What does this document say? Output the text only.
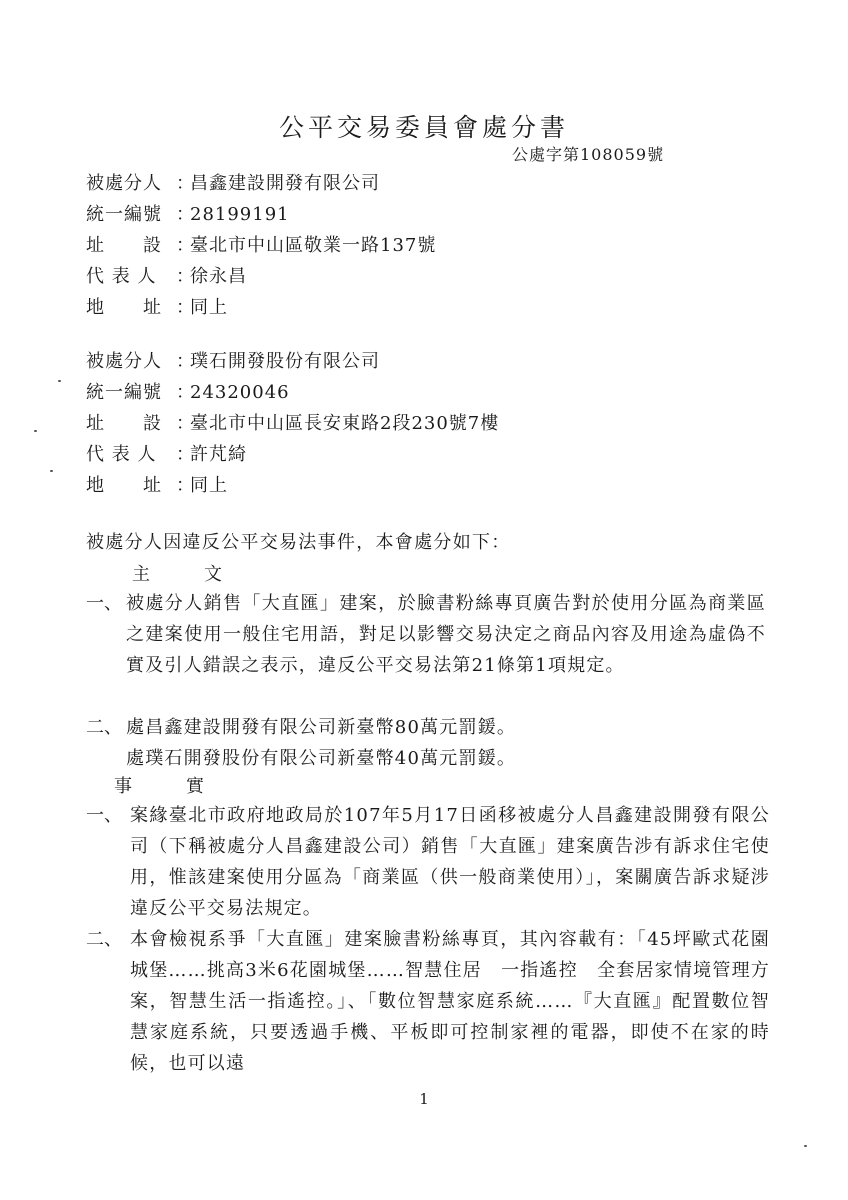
公平交易委員會處分書
公處字第108059號
被處分人 ：
昌鑫建設開發有限公司
統一編號 ：
28199191
址　　設 ：
臺北市中山區敬業一路137號
代 表 人	：
徐永昌
地　　址 ：
同上
被處分人 ：
璞石開發股份有限公司
統一編號 ：
24320046
址　　設 ：
臺北市中山區長安東路2段230號7樓
代 表 人	：
許芃綺
地　　址 ：
同上
被處分人因違反公平交易法事件，本會處分如下：
主　　文
一、 被處分人銷售「大直匯」建案，於臉書粉絲專頁廣告對於使用分區為商業區之建案使用一般住宅用語，對足以影響交易決定之商品內容及用途為虛偽不實及引人錯誤之表示，違反公平交易法第21條第1項規定。
二、 處昌鑫建設開發有限公司新臺幣80萬元罰鍰。
處璞石開發股份有限公司新臺幣40萬元罰鍰。
事　　實
一、 案緣臺北市政府地政局於107年5月17日函移被處分人昌鑫建設開發有限公司（下稱被處分人昌鑫建設公司）銷售「大直匯」建案廣告涉有訴求住宅使用，惟該建案使用分區為「商業區（供一般商業使用）」，案關廣告訴求疑涉違反公平交易法規定。
二、 本會檢視系爭「大直匯」建案臉書粉絲專頁，其內容載有：「45坪歐式花園城堡……挑高3米6花園城堡……智慧住居　一指遙控　全套居家情境管理方案，智慧生活一指遙控。」、「數位智慧家庭系統……『大直匯』配置數位智慧家庭系統，只要透過手機、平板即可控制家裡的電器，即使不在家的時候，也可以遠
1
